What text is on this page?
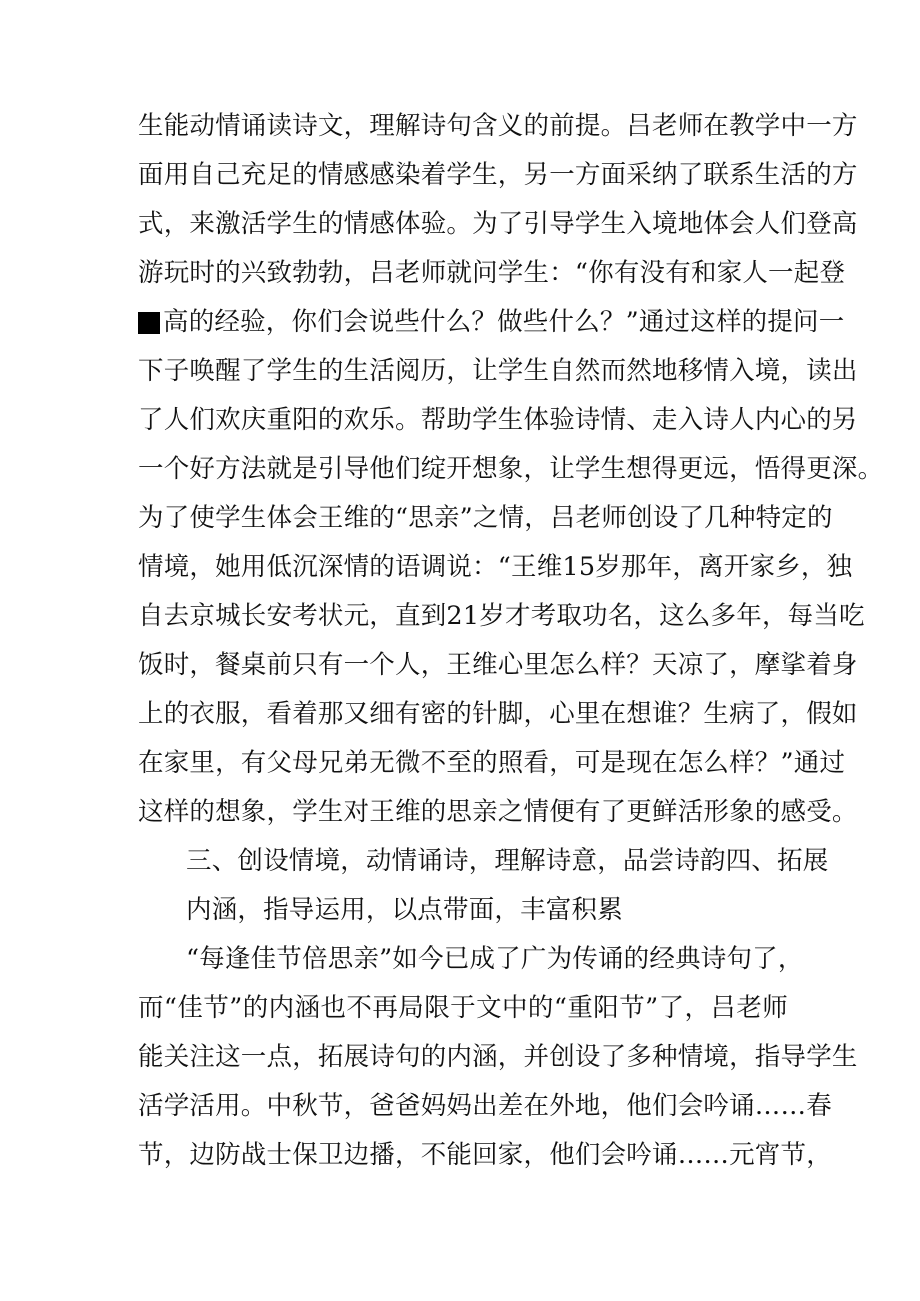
生能动情诵读诗文，理解诗句含义的前提。吕老师在教学中一方
面用自己充足的情感感染着学生，另一方面采纳了联系生活的方
式，来激活学生的情感体验。为了引导学生入境地体会人们登高
游玩时的兴致勃勃，吕老师就问学生：“你有没有和家人一起登
高的经验，你们会说些什么？做些什么？”通过这样的提问一
下子唤醒了学生的生活阅历，让学生自然而然地移情入境，读出
了人们欢庆重阳的欢乐。帮助学生体验诗情、走入诗人内心的另
一个好方法就是引导他们绽开想象，让学生想得更远，悟得更深。
为了使学生体会王维的“思亲”之情，吕老师创设了几种特定的
情境，她用低沉深情的语调说：“王维15岁那年，离开家乡，独
自去京城长安考状元，直到21岁才考取功名，这么多年，每当吃
饭时，餐桌前只有一个人，王维心里怎么样？天凉了，摩挲着身
上的衣服，看着那又细有密的针脚，心里在想谁？生病了，假如
在家里，有父母兄弟无微不至的照看，可是现在怎么样？”通过
这样的想象，学生对王维的思亲之情便有了更鲜活形象的感受。
三、创设情境，动情诵诗，理解诗意，品尝诗韵四、拓展
内涵，指导运用，以点带面，丰富积累
“每逢佳节倍思亲”如今已成了广为传诵的经典诗句了，
而“佳节”的内涵也不再局限于文中的“重阳节”了，吕老师
能关注这一点，拓展诗句的内涵，并创设了多种情境，指导学生
活学活用。中秋节，爸爸妈妈出差在外地，他们会吟诵……春
节，边防战士保卫边播，不能回家，他们会吟诵……元宵节，
